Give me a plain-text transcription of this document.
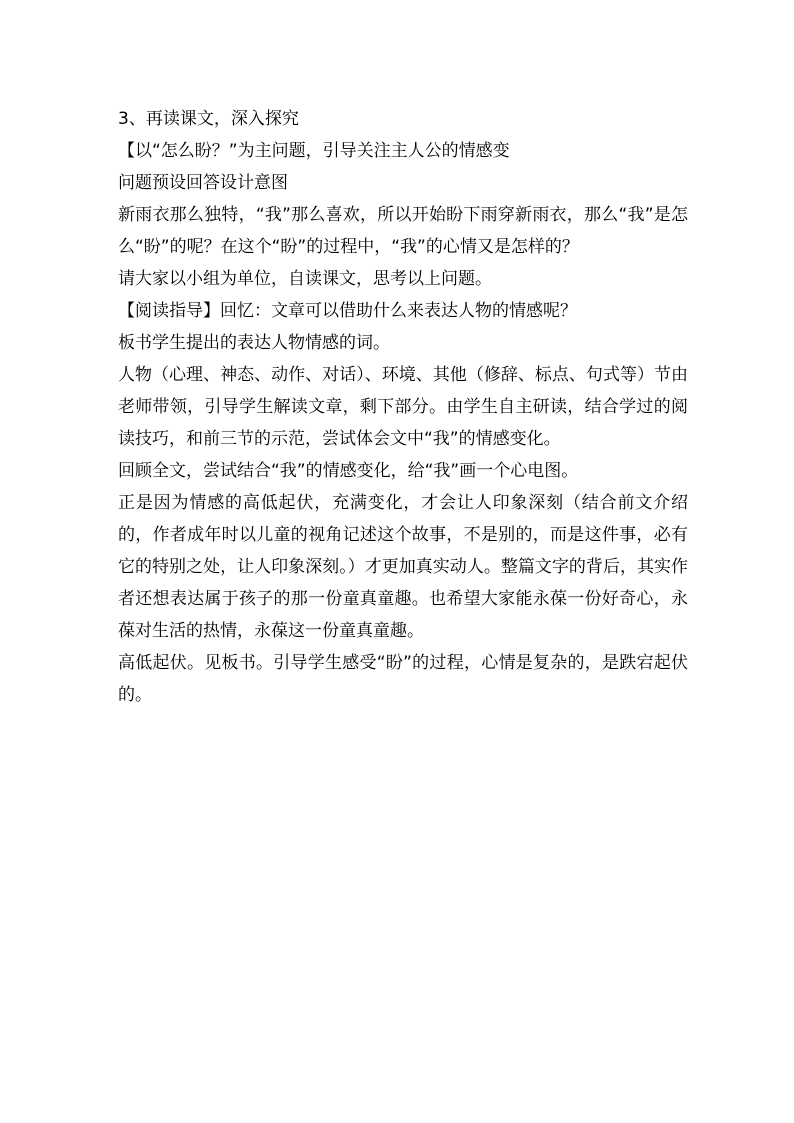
3、再读课文，深入探究

【以“怎么盼？”为主问题，引导关注主人公的情感变

问题预设回答设计意图

新雨衣那么独特，“我”那么喜欢，所以开始盼下雨穿新雨衣，那么“我”是怎么“盼”的呢？在这个“盼”的过程中，“我”的心情又是怎样的？

请大家以小组为单位，自读课文，思考以上问题。

【阅读指导】回忆：文章可以借助什么来表达人物的情感呢？

板书学生提出的表达人物情感的词。

人物（心理、神态、动作、对话）、环境、其他（修辞、标点、句式等）节由老师带领，引导学生解读文章，剩下部分。由学生自主研读，结合学过的阅读技巧，和前三节的示范，尝试体会文中“我”的情感变化。

回顾全文，尝试结合“我”的情感变化，给“我”画一个心电图。

正是因为情感的高低起伏，充满变化，才会让人印象深刻（结合前文介绍的，作者成年时以儿童的视角记述这个故事，不是别的，而是这件事，必有它的特别之处，让人印象深刻。）才更加真实动人。整篇文字的背后，其实作者还想表达属于孩子的那一份童真童趣。也希望大家能永葆一份好奇心，永葆对生活的热情，永葆这一份童真童趣。

高低起伏。见板书。引导学生感受“盼”的过程，心情是复杂的，是跌宕起伏的。
